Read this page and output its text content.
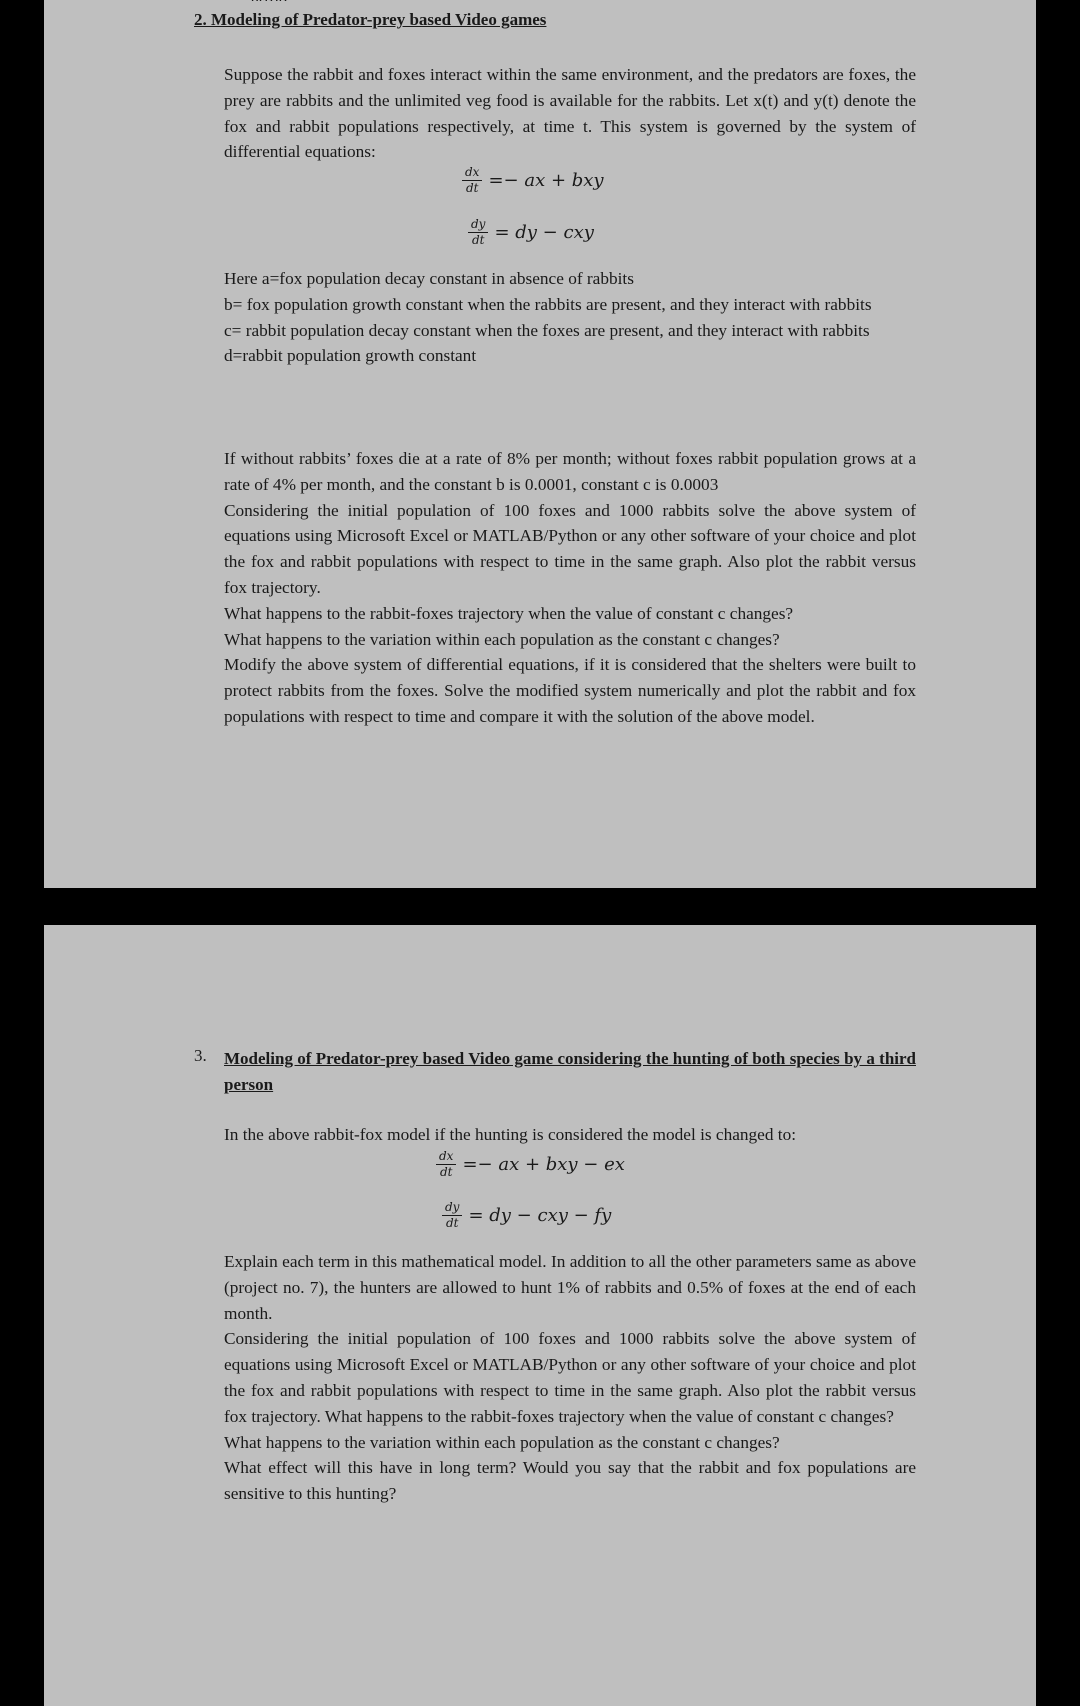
2. Modeling of Predator-prey based Video games

Suppose the rabbit and foxes interact within the same environment, and the predators are foxes, the prey are rabbits and the unlimited veg food is available for the rabbits. Let x(t) and y(t) denote the fox and rabbit populations respectively, at time t. This system is governed by the system of differential equations:

$\frac{dx}{dt}$ =− ax + bxy
$\frac{dy}{dt}$ = dy − cxy

Here a=fox population decay constant in absence of rabbits

b= fox population growth constant when the rabbits are present, and they interact with rabbits

c= rabbit population decay constant when the foxes are present, and they interact with rabbits

d=rabbit population growth constant

If without rabbits’ foxes die at a rate of 8% per month; without foxes rabbit population grows at a rate of 4% per month, and the constant b is 0.0001, constant c is 0.0003

Considering the initial population of 100 foxes and 1000 rabbits solve the above system of equations using Microsoft Excel or MATLAB/Python or any other software of your choice and plot the fox and rabbit populations with respect to time in the same graph. Also plot the rabbit versus fox trajectory.

What happens to the rabbit-foxes trajectory when the value of constant c changes?

What happens to the variation within each population as the constant c changes?

Modify the above system of differential equations, if it is considered that the shelters were built to protect rabbits from the foxes. Solve the modified system numerically and plot the rabbit and fox populations with respect to time and compare it with the solution of the above model.

3. Modeling of Predator-prey based Video game considering the hunting of both species by a third person

In the above rabbit-fox model if the hunting is considered the model is changed to:

$\frac{dx}{dt}$ =− ax + bxy − ex
$\frac{dy}{dt}$ = dy − cxy − fy

Explain each term in this mathematical model. In addition to all the other parameters same as above (project no. 7), the hunters are allowed to hunt 1% of rabbits and 0.5% of foxes at the end of each month.

Considering the initial population of 100 foxes and 1000 rabbits solve the above system of equations using Microsoft Excel or MATLAB/Python or any other software of your choice and plot the fox and rabbit populations with respect to time in the same graph. Also plot the rabbit versus fox trajectory. What happens to the rabbit-foxes trajectory when the value of constant c changes?

What happens to the variation within each population as the constant c changes?

What effect will this have in long term? Would you say that the rabbit and fox populations are sensitive to this hunting?
